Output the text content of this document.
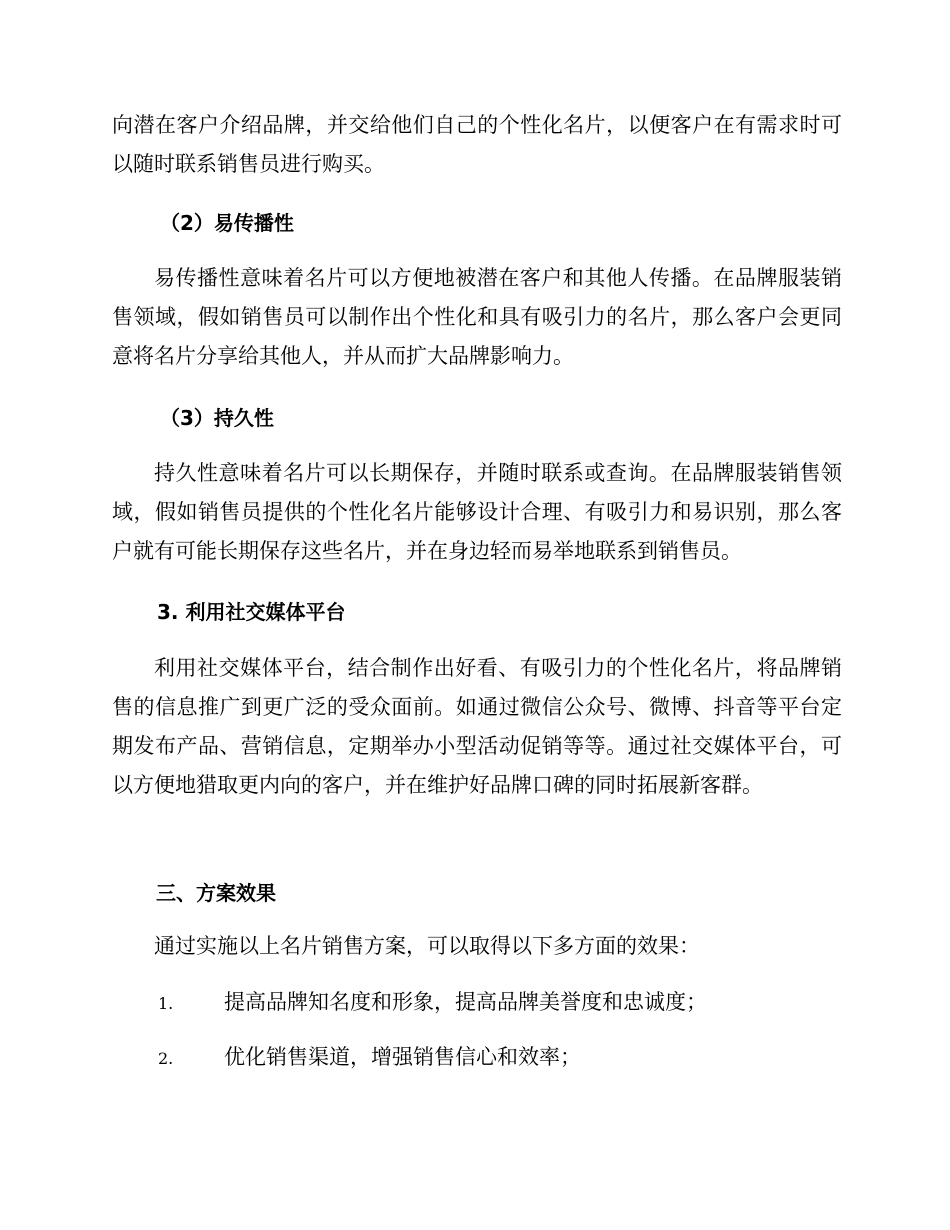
向潜在客户介绍品牌，并交给他们自己的个性化名片，以便客户在有需求时可以随时联系销售员进行购买。
（2）易传播性
易传播性意味着名片可以方便地被潜在客户和其他人传播。在品牌服装销售领域，假如销售员可以制作出个性化和具有吸引力的名片，那么客户会更同意将名片分享给其他人，并从而扩大品牌影响力。
（3）持久性
持久性意味着名片可以长期保存，并随时联系或查询。在品牌服装销售领域，假如销售员提供的个性化名片能够设计合理、有吸引力和易识别，那么客户就有可能长期保存这些名片，并在身边轻而易举地联系到销售员。
3. 利用社交媒体平台
利用社交媒体平台，结合制作出好看、有吸引力的个性化名片，将品牌销售的信息推广到更广泛的受众面前。如通过微信公众号、微博、抖音等平台定期发布产品、营销信息，定期举办小型活动促销等等。通过社交媒体平台，可以方便地猎取更内向的客户，并在维护好品牌口碑的同时拓展新客群。
三、方案效果
通过实施以上名片销售方案，可以取得以下多方面的效果：
1. 提高品牌知名度和形象，提高品牌美誉度和忠诚度；
2. 优化销售渠道，增强销售信心和效率；
